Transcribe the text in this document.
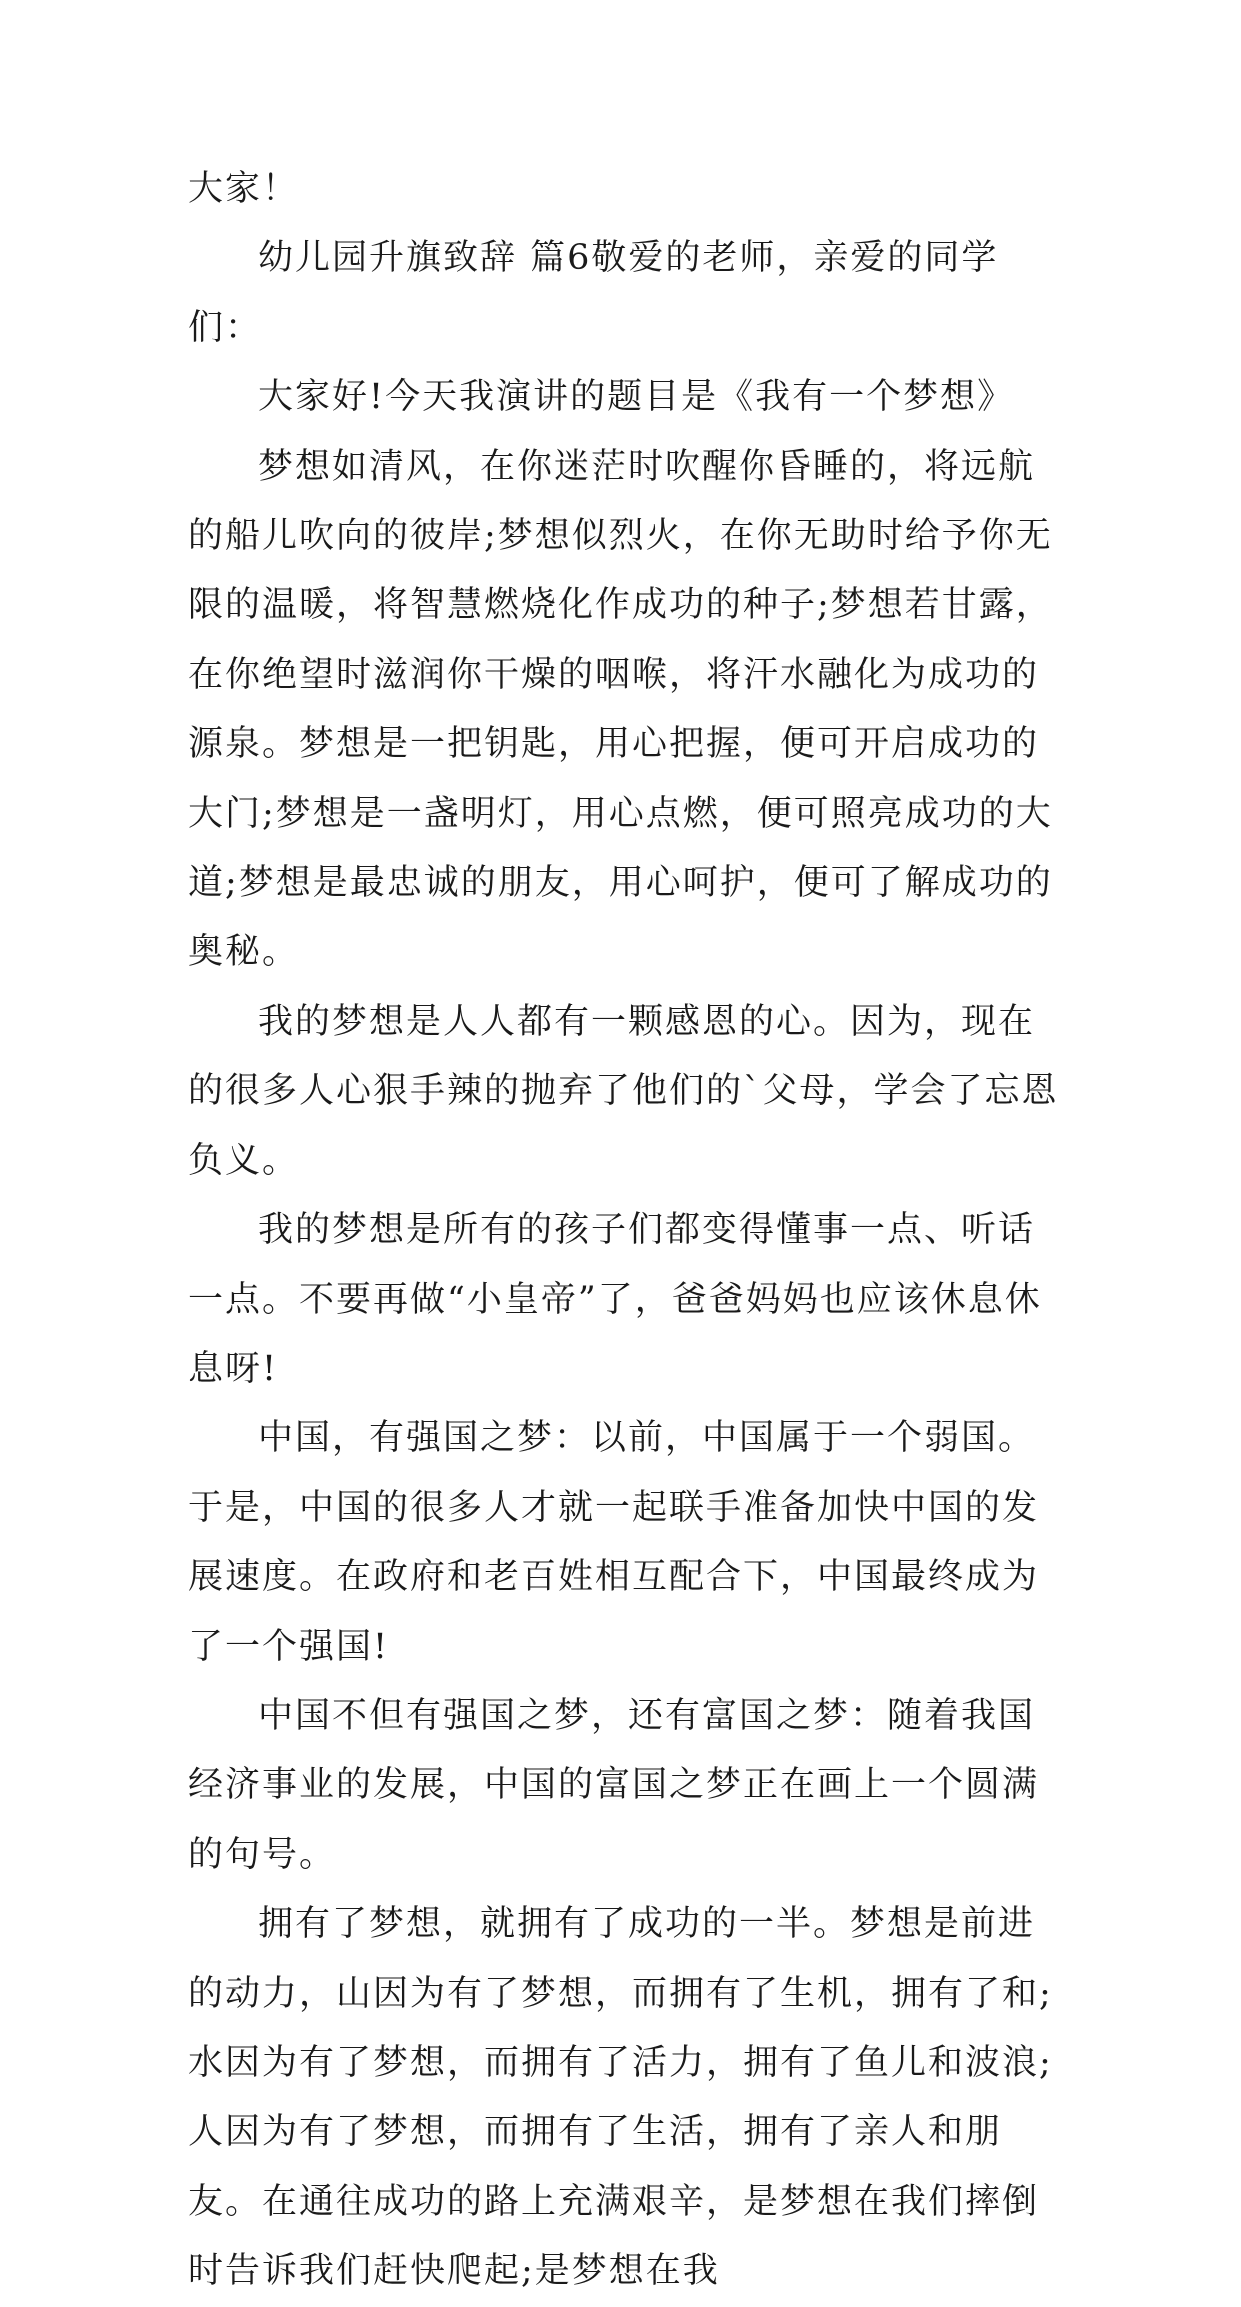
大家！

幼儿园升旗致辞 篇6敬爱的老师，亲爱的同学们：

大家好!今天我演讲的题目是《我有一个梦想》

梦想如清风，在你迷茫时吹醒你昏睡的，将远航的船儿吹向的彼岸;梦想似烈火，在你无助时给予你无限的温暖，将智慧燃烧化作成功的种子;梦想若甘露，在你绝望时滋润你干燥的咽喉，将汗水融化为成功的源泉。梦想是一把钥匙，用心把握，便可开启成功的大门;梦想是一盏明灯，用心点燃，便可照亮成功的大道;梦想是最忠诚的朋友，用心呵护，便可了解成功的奥秘。

我的梦想是人人都有一颗感恩的心。因为，现在的很多人心狠手辣的抛弃了他们的`父母，学会了忘恩负义。

我的梦想是所有的孩子们都变得懂事一点、听话一点。不要再做“小皇帝”了，爸爸妈妈也应该休息休息呀!

中国，有强国之梦：以前，中国属于一个弱国。于是，中国的很多人才就一起联手准备加快中国的发展速度。在政府和老百姓相互配合下，中国最终成为了一个强国!

中国不但有强国之梦，还有富国之梦：随着我国经济事业的发展，中国的富国之梦正在画上一个圆满的句号。

拥有了梦想，就拥有了成功的一半。梦想是前进的动力，山因为有了梦想，而拥有了生机，拥有了和;水因为有了梦想，而拥有了活力，拥有了鱼儿和波浪;人因为有了梦想，而拥有了生活，拥有了亲人和朋友。在通往成功的路上充满艰辛，是梦想在我们摔倒时告诉我们赶快爬起;是梦想在我
